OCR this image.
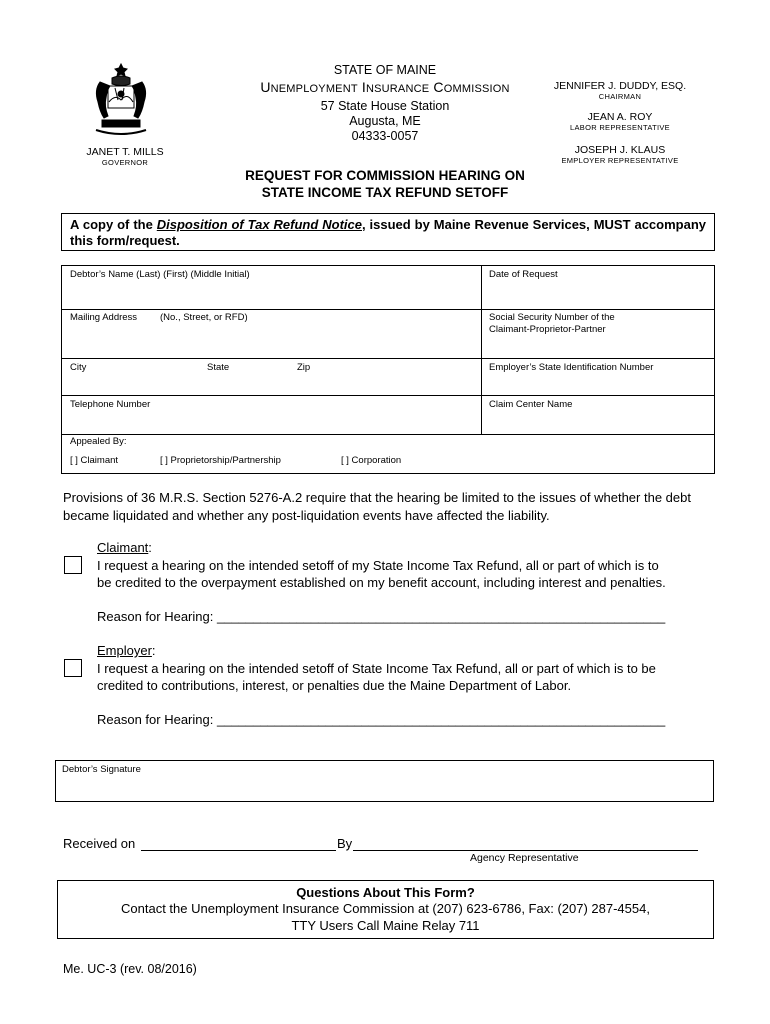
STATE OF MAINE
UNEMPLOYMENT INSURANCE COMMISSION
57 State House Station
Augusta, ME
04333-0057
JANET T. MILLS
GOVERNOR
JENNIFER J. DUDDY, ESQ.
CHAIRMAN
JEAN A. ROY
LABOR REPRESENTATIVE
JOSEPH J. KLAUS
EMPLOYER REPRESENTATIVE
REQUEST FOR COMMISSION HEARING ON
STATE INCOME TAX REFUND SETOFF
A copy of the Disposition of Tax Refund Notice, issued by Maine Revenue Services, MUST accompany this form/request.
Debtor’s Name (Last) (First) (Middle Initial)	Date of Request
Mailing Address (No., Street, or RFD)	Social Security Number of the
Claimant-Proprietor-Partner
City	State	Zip	Employer’s State Identification Number
Telephone Number	Claim Center Name
Appealed By:
[ ] Claimant	[ ] Proprietorship/Partnership	[ ] Corporation
Provisions of 36 M.R.S. Section 5276-A.2 require that the hearing be limited to the issues of whether the debt became liquidated and whether any post-liquidation events have affected the liability.
Claimant:
I request a hearing on the intended setoff of my State Income Tax Refund, all or part of which is to
be credited to the overpayment established on my benefit account, including interest and penalties.
Reason for Hearing: ______________________________________________________________
Employer:
I request a hearing on the intended setoff of State Income Tax Refund, all or part of which is to be
credited to contributions, interest, or penalties due the Maine Department of Labor.
Reason for Hearing: ______________________________________________________________
Debtor’s Signature
Received on	By
Agency Representative
Questions About This Form?
Contact the Unemployment Insurance Commission at (207) 623-6786, Fax: (207) 287-4554,
TTY Users Call Maine Relay 711
Me. UC-3 (rev. 08/2016)
